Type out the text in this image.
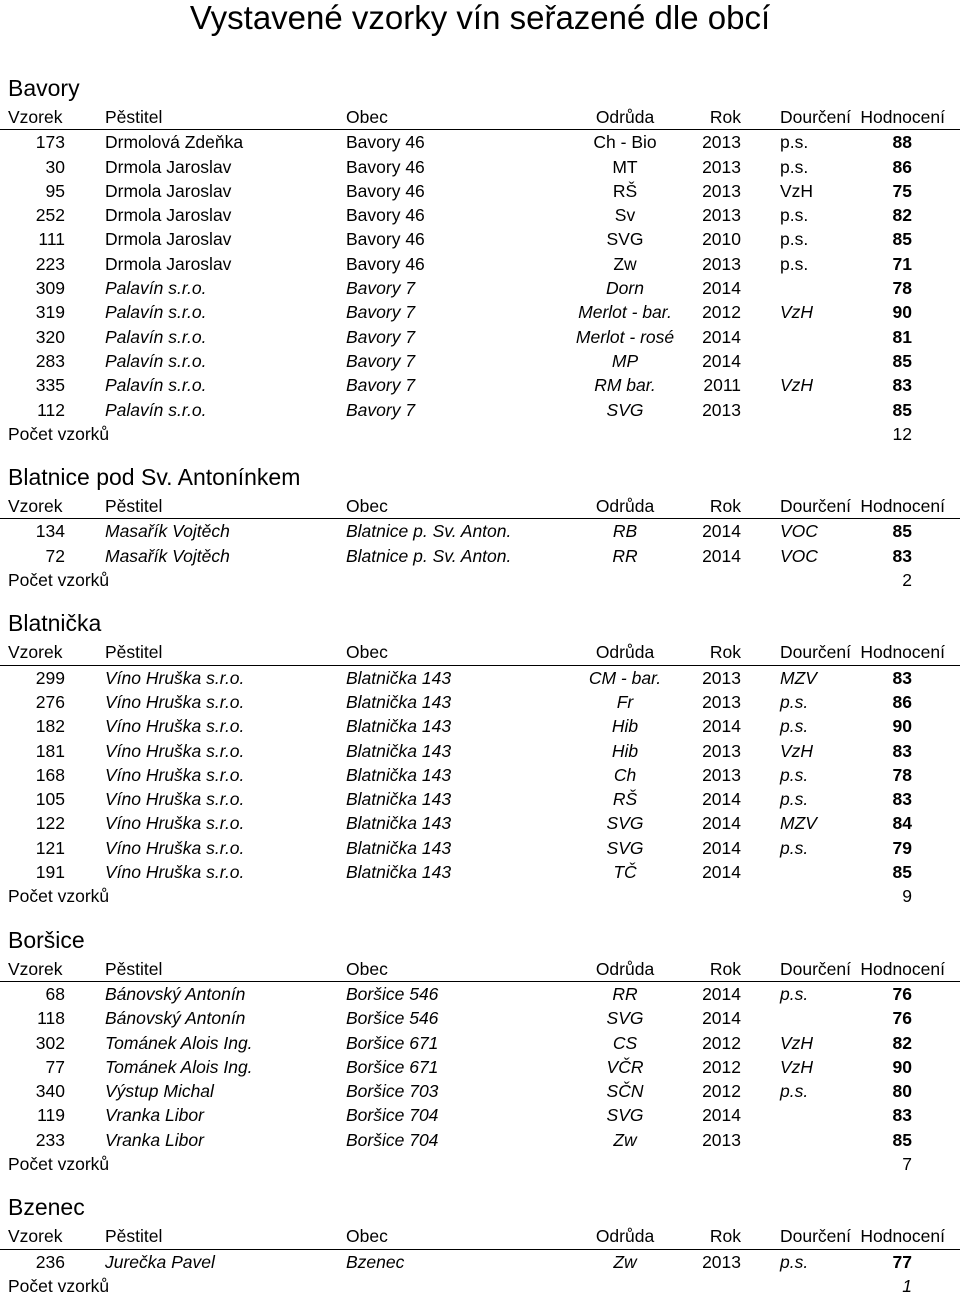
Vystavené vzorky vín seřazené dle obcí
Bavory
Vzorek Pěstitel	Obec	Odrůda	Rok Dourčení Hodnocení
173 Drmolová Zdeňka	Bavory 46	Ch - Bio	2013 p.s.	88
30 Drmola Jaroslav	Bavory 46	MT	2013 p.s.	86
95 Drmola Jaroslav	Bavory 46	RŠ	2013 VzH	75
252 Drmola Jaroslav	Bavory 46	Sv	2013 p.s.	82
111 Drmola Jaroslav	Bavory 46	SVG	2010 p.s.	85
223 Drmola Jaroslav	Bavory 46	Zw	2013 p.s.	71
309 Palavín s.r.o.	Bavory 7	Dorn	2014	78
319 Palavín s.r.o.	Bavory 7	Merlot - bar.	2012 VzH	90
320 Palavín s.r.o.	Bavory 7	Merlot - rosé	2014	81
283 Palavín s.r.o.	Bavory 7	MP	2014	85
335 Palavín s.r.o.	Bavory 7	RM bar.	2011 VzH	83
112 Palavín s.r.o.	Bavory 7	SVG	2013	85
Počet vzorků	12
Blatnice pod Sv. Antonínkem
Vzorek Pěstitel	Obec	Odrůda	Rok Dourčení Hodnocení
134 Masařík Vojtěch	Blatnice p. Sv. Anton.	RB	2014 VOC	85
72 Masařík Vojtěch	Blatnice p. Sv. Anton.	RR	2014 VOC	83
Počet vzorků	2
Blatnička
Vzorek Pěstitel	Obec	Odrůda	Rok Dourčení Hodnocení
299 Víno Hruška s.r.o.	Blatnička 143	CM - bar.	2013 MZV	83
276 Víno Hruška s.r.o.	Blatnička 143	Fr	2013 p.s.	86
182 Víno Hruška s.r.o.	Blatnička 143	Hib	2014 p.s.	90
181 Víno Hruška s.r.o.	Blatnička 143	Hib	2013 VzH	83
168 Víno Hruška s.r.o.	Blatnička 143	Ch	2013 p.s.	78
105 Víno Hruška s.r.o.	Blatnička 143	RŠ	2014 p.s.	83
122 Víno Hruška s.r.o.	Blatnička 143	SVG	2014 MZV	84
121 Víno Hruška s.r.o.	Blatnička 143	SVG	2014 p.s.	79
191 Víno Hruška s.r.o.	Blatnička 143	TČ	2014	85
Počet vzorků	9
Boršice
Vzorek Pěstitel	Obec	Odrůda	Rok Dourčení Hodnocení
68 Bánovský Antonín	Boršice 546	RR	2014 p.s.	76
118 Bánovský Antonín	Boršice 546	SVG	2014	76
302 Tománek Alois Ing.	Boršice 671	CS	2012 VzH	82
77 Tománek Alois Ing.	Boršice 671	VČR	2012 VzH	90
340 Výstup Michal	Boršice 703	SČN	2012 p.s.	80
119 Vranka Libor	Boršice 704	SVG	2014	83
233 Vranka Libor	Boršice 704	Zw	2013	85
Počet vzorků	7
Bzenec
Vzorek Pěstitel	Obec	Odrůda	Rok Dourčení Hodnocení
236 Jurečka Pavel	Bzenec	Zw	2013 p.s.	77
Počet vzorků	1
